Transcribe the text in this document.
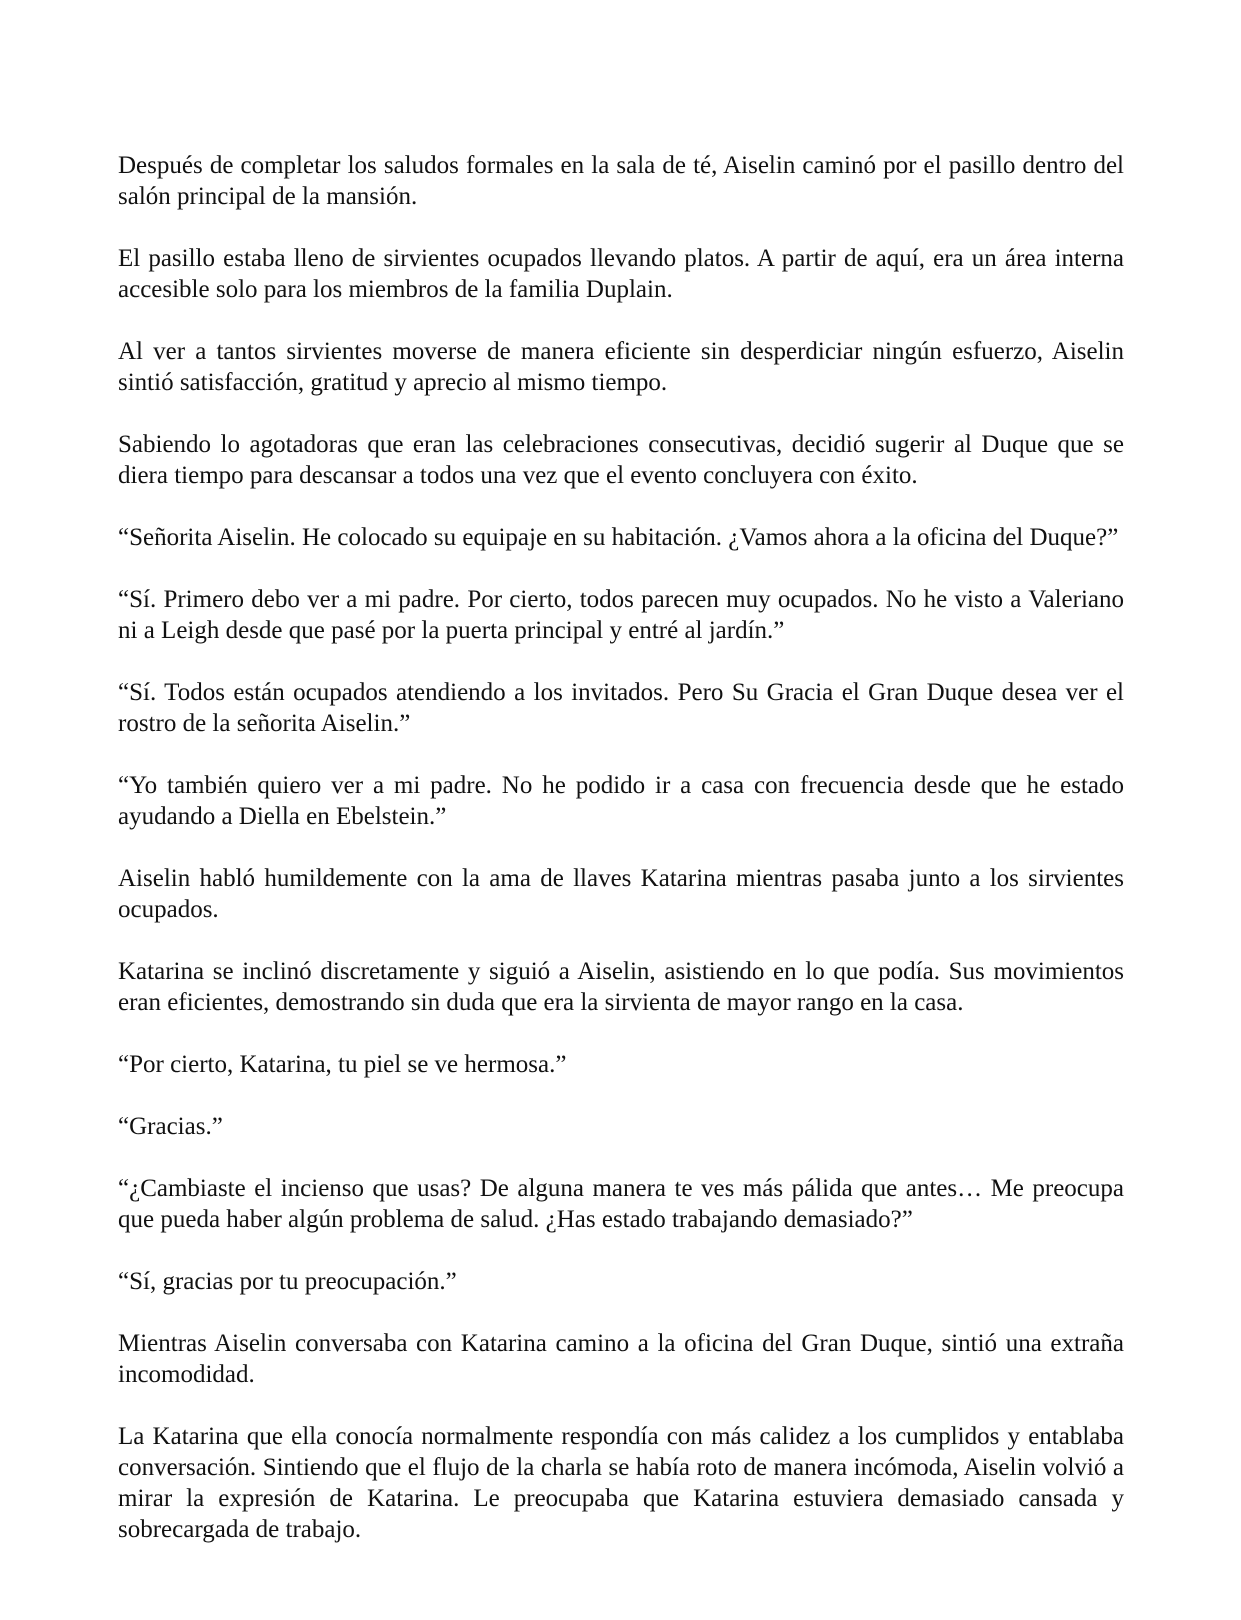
Después de completar los saludos formales en la sala de té, Aiselin caminó por el pasillo dentro del salón principal de la mansión.

El pasillo estaba lleno de sirvientes ocupados llevando platos. A partir de aquí, era un área interna accesible solo para los miembros de la familia Duplain.

Al ver a tantos sirvientes moverse de manera eficiente sin desperdiciar ningún esfuerzo, Aiselin sintió satisfacción, gratitud y aprecio al mismo tiempo.

Sabiendo lo agotadoras que eran las celebraciones consecutivas, decidió sugerir al Duque que se diera tiempo para descansar a todos una vez que el evento concluyera con éxito.

“Señorita Aiselin. He colocado su equipaje en su habitación. ¿Vamos ahora a la oficina del Duque?”

“Sí. Primero debo ver a mi padre. Por cierto, todos parecen muy ocupados. No he visto a Valeriano ni a Leigh desde que pasé por la puerta principal y entré al jardín.”

“Sí. Todos están ocupados atendiendo a los invitados. Pero Su Gracia el Gran Duque desea ver el rostro de la señorita Aiselin.”

“Yo también quiero ver a mi padre. No he podido ir a casa con frecuencia desde que he estado ayudando a Diella en Ebelstein.”

Aiselin habló humildemente con la ama de llaves Katarina mientras pasaba junto a los sirvientes ocupados.

Katarina se inclinó discretamente y siguió a Aiselin, asistiendo en lo que podía. Sus movimientos eran eficientes, demostrando sin duda que era la sirvienta de mayor rango en la casa.

“Por cierto, Katarina, tu piel se ve hermosa.”

“Gracias.”

“¿Cambiaste el incienso que usas? De alguna manera te ves más pálida que antes… Me preocupa que pueda haber algún problema de salud. ¿Has estado trabajando demasiado?”

“Sí, gracias por tu preocupación.”

Mientras Aiselin conversaba con Katarina camino a la oficina del Gran Duque, sintió una extraña incomodidad.

La Katarina que ella conocía normalmente respondía con más calidez a los cumplidos y entablaba conversación. Sintiendo que el flujo de la charla se había roto de manera incómoda, Aiselin volvió a mirar la expresión de Katarina. Le preocupaba que Katarina estuviera demasiado cansada y sobrecargada de trabajo.
